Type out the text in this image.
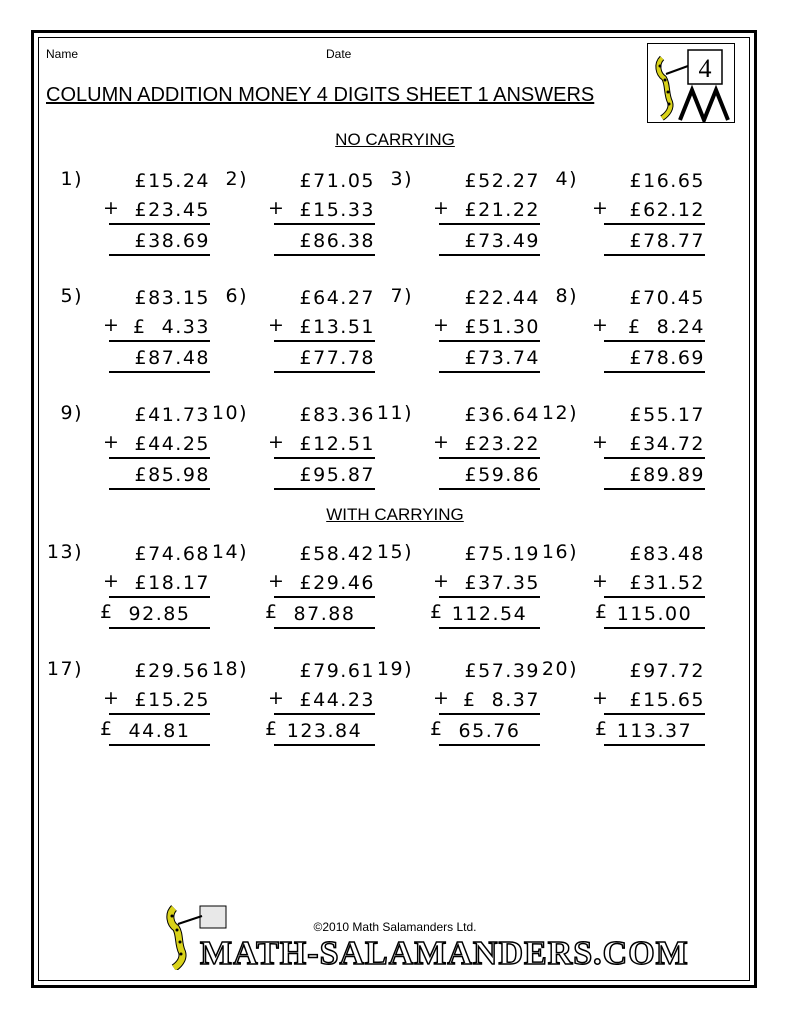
Name	Date
COLUMN ADDITION MONEY 4 DIGITS SHEET 1 ANSWERS
4
NO CARRYING
WITH CARRYING
1)	£15.24
+ £23.45
£38.69
2)	£71.05
+ £15.33
£86.38
3)	£52.27
+ £21.22
£73.49
4)	£16.65
+	£62.12
£78.77
5)	£83.15
+ £  4.33
£87.48
6)	£64.27
+ £13.51
£77.78
7)	£22.44
+ £51.30
£73.74
8)	£70.45
+ £  8.24
£78.69
9)	£41.73
+ £44.25
£85.98
10)	£83.36
+ £12.51
£95.87
11)	£36.64
+ £23.22
£59.86
12)	£55.17
+	£34.72
£89.89
13)	£74.68
+ £18.17
£ 92.85
14)	£58.42
+ £29.46
£ 87.88
15)	£75.19
+ £37.35
£ 112.54
16)	£83.48
+	£31.52
£ 115.00
17)	£29.56
+ £15.25
£ 44.81
18)	£79.61
+ £44.23
£ 123.84
19)	£57.39
+ £  8.37
£ 65.76
20)	£97.72
+	£15.65
£ 113.37
©2010 Math Salamanders Ltd.
MATH-SALAMANDERS.COM
